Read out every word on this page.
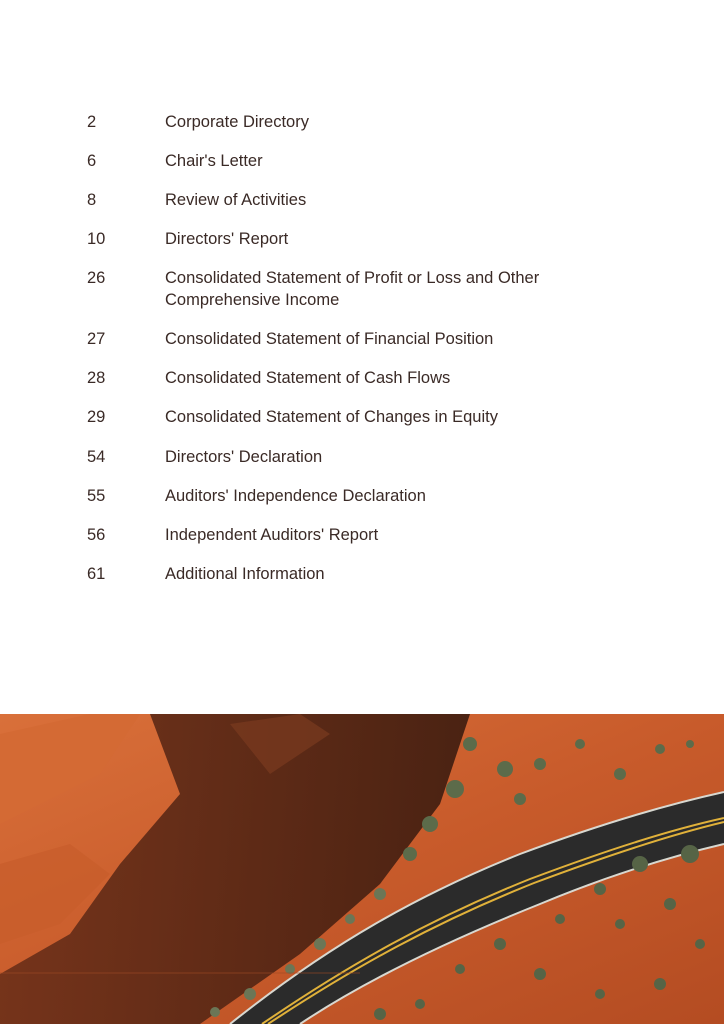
2	Corporate Directory
6	Chair's Letter
8	Review of Activities
10	Directors' Report
26	Consolidated Statement of Profit or Loss and Other Comprehensive Income
27	Consolidated Statement of Financial Position
28	Consolidated Statement of Cash Flows
29	Consolidated Statement of Changes in Equity
54	Directors' Declaration
55	Auditors' Independence Declaration
56	Independent Auditors' Report
61	Additional Information
